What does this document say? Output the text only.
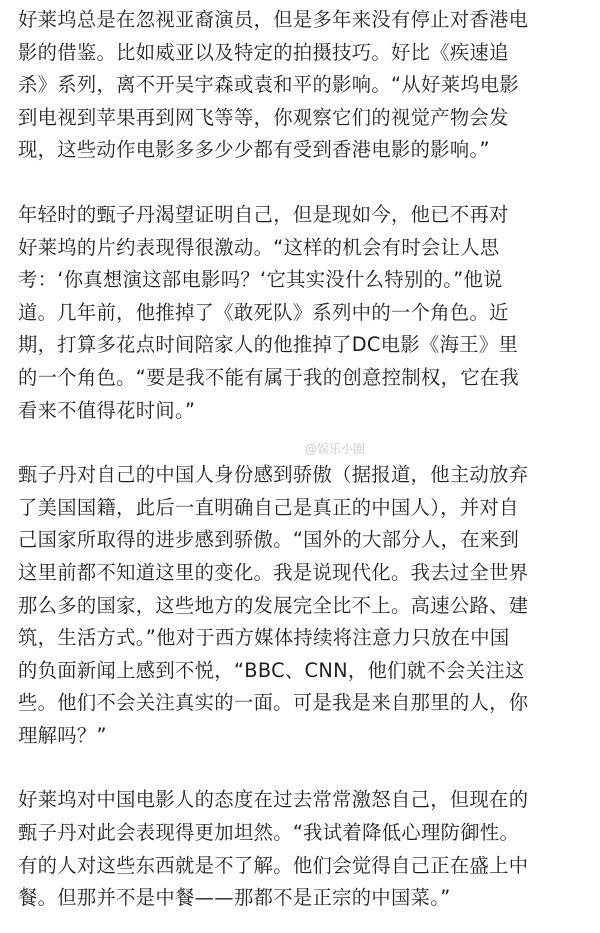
好莱坞总是在忽视亚裔演员，但是多年来没有停止对香港电
影的借鉴。比如威亚以及特定的拍摄技巧。好比《疾速追
杀》系列，离不开吴宇森或袁和平的影响。“从好莱坞电影
到电视到苹果再到网飞等等，你观察它们的视觉产物会发
现，这些动作电影多多少少都有受到香港电影的影响。”

年轻时的甄子丹渴望证明自己，但是现如今，他已不再对
好莱坞的片约表现得很激动。“这样的机会有时会让人思
考：‘你真想演这部电影吗？‘它其实没什么特别的。”他说
道。几年前，他推掉了《敢死队》系列中的一个角色。近
期，打算多花点时间陪家人的他推掉了DC电影《海王》里
的一个角色。“要是我不能有属于我的创意控制权，它在我
看来不值得花时间。”

甄子丹对自己的中国人身份感到骄傲（据报道，他主动放弃
了美国国籍，此后一直明确自己是真正的中国人），并对自
己国家所取得的进步感到骄傲。“国外的大部分人，在来到
这里前都不知道这里的变化。我是说现代化。我去过全世界
那么多的国家，这些地方的发展完全比不上。高速公路、建
筑，生活方式。”他对于西方媒体持续将注意力只放在中国
的负面新闻上感到不悦，“BBC、CNN，他们就不会关注这
些。他们不会关注真实的一面。可是我是来自那里的人，你
理解吗？”

好莱坞对中国电影人的态度在过去常常激怒自己，但现在的
甄子丹对此会表现得更加坦然。“我试着降低心理防御性。
有的人对这些东西就是不了解。他们会觉得自己正在盛上中
餐。但那并不是中餐——那都不是正宗的中国菜。”

@娱乐小圈
